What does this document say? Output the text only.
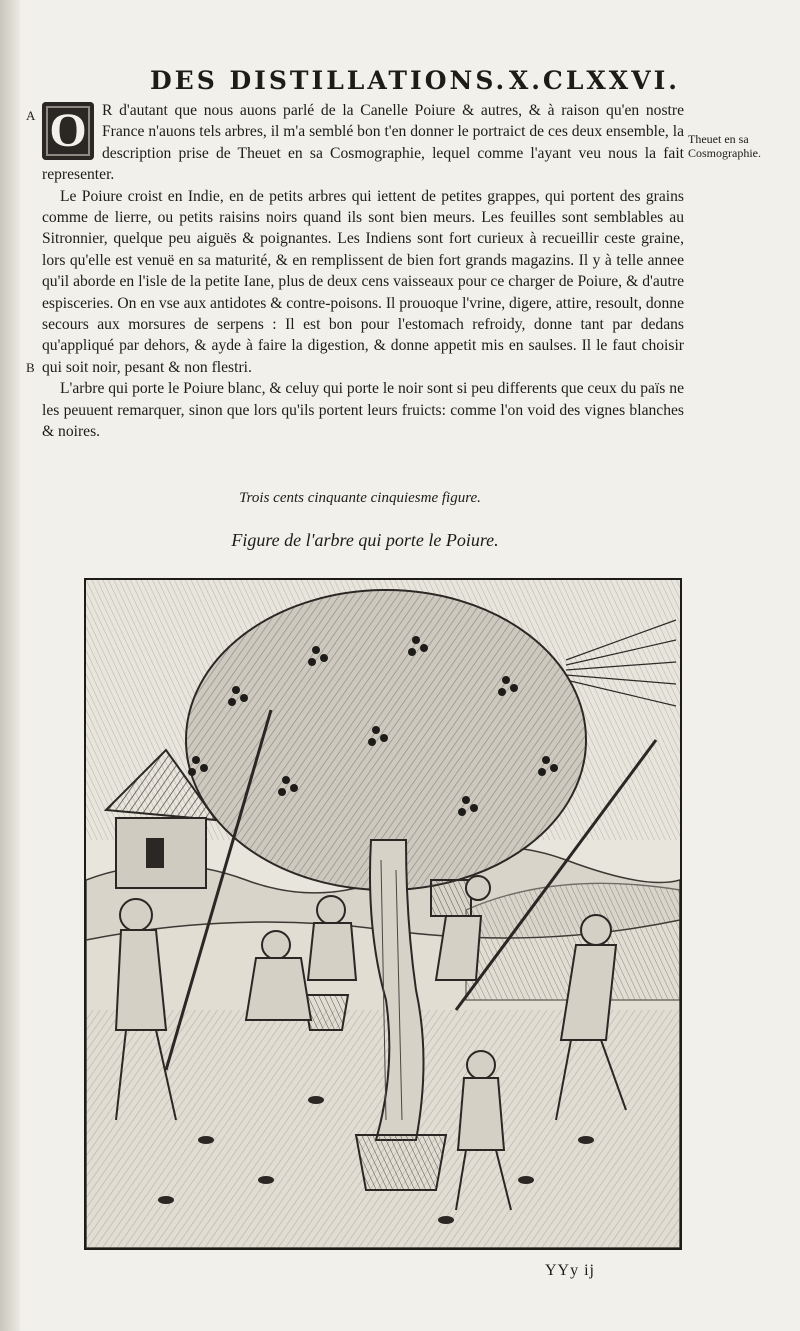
DES DISTILLATIONS. X.CLXXVI.
A
B

O R d'autant que nous auons parlé de la Canelle Poiure & autres, & à raison qu'en nostre France n'auons tels arbres, il m'a semblé bon t'en donner le portraict de ces deux ensemble, la description prise de Theuet en sa Cosmographie, lequel comme l'ayant veu nous la fait representer.

Le Poiure croist en Indie, en de petits arbres qui iettent de petites grappes, qui portent des grains comme de lierre, ou petits raisins noirs quand ils sont bien meurs. Les feuilles sont semblables au Sitronnier, quelque peu aiguës & poignantes. Les Indiens sont fort curieux à recueillir ceste graine, lors qu'elle est venuë en sa maturité, & en remplissent de bien fort grands magazins. Il y à telle annee qu'il aborde en l'isle de la petite Iane, plus de deux cens vaisseaux pour ce charger de Poiure, & d'autre espisceries. On en vse aux antidotes & contre-poisons. Il prouoque l'vrine, digere, attire, resoult, donne secours aux morsures de serpens : Il est bon pour l'estomach refroidy, donne tant par dedans qu'appliqué par dehors, & ayde à faire la digestion, & donne appetit mis en saulses. Il le faut choisir qui soit noir, pesant & non flestri.

L'arbre qui porte le Poiure blanc, & celuy qui porte le noir sont si peu differents que ceux du païs ne les peuuent remarquer, sinon que lors qu'ils portent leurs fruicts: comme l'on void des vignes blanches & noires.

Theuet en sa Cosmographie.
Trois cents cinquante cinquiesme figure.
Figure de l'arbre qui porte le Poiure.
YYy ij
